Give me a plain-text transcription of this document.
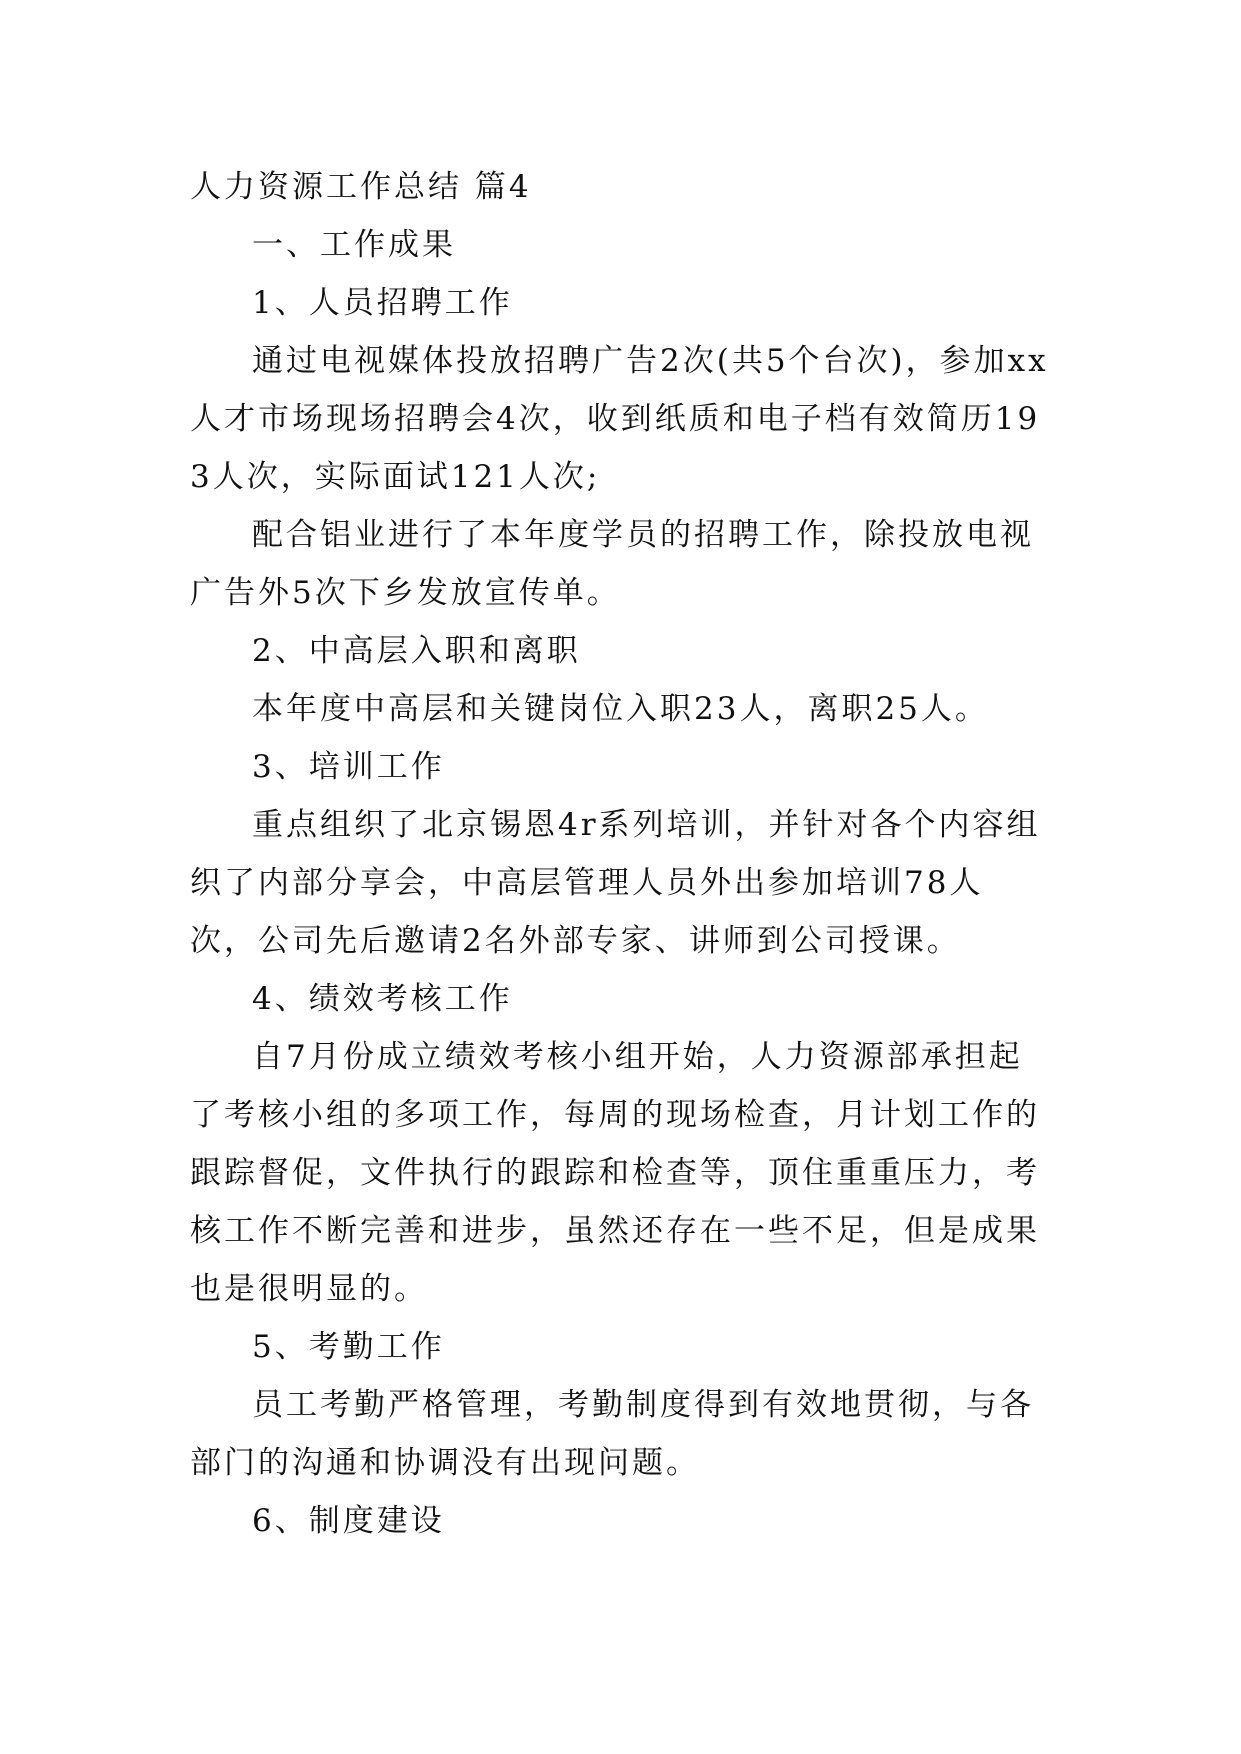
人力资源工作总结 篇4

一、工作成果

1、人员招聘工作

通过电视媒体投放招聘广告2次(共5个台次)，参加xx人才市场现场招聘会4次，收到纸质和电子档有效简历193人次，实际面试121人次;

配合铝业进行了本年度学员的招聘工作，除投放电视广告外5次下乡发放宣传单。

2、中高层入职和离职

本年度中高层和关键岗位入职23人，离职25人。

3、培训工作

重点组织了北京锡恩4r系列培训，并针对各个内容组织了内部分享会，中高层管理人员外出参加培训78人次，公司先后邀请2名外部专家、讲师到公司授课。

4、绩效考核工作

自7月份成立绩效考核小组开始，人力资源部承担起了考核小组的多项工作，每周的现场检查，月计划工作的跟踪督促，文件执行的跟踪和检查等，顶住重重压力，考核工作不断完善和进步，虽然还存在一些不足，但是成果也是很明显的。

5、考勤工作

员工考勤严格管理，考勤制度得到有效地贯彻，与各部门的沟通和协调没有出现问题。

6、制度建设
